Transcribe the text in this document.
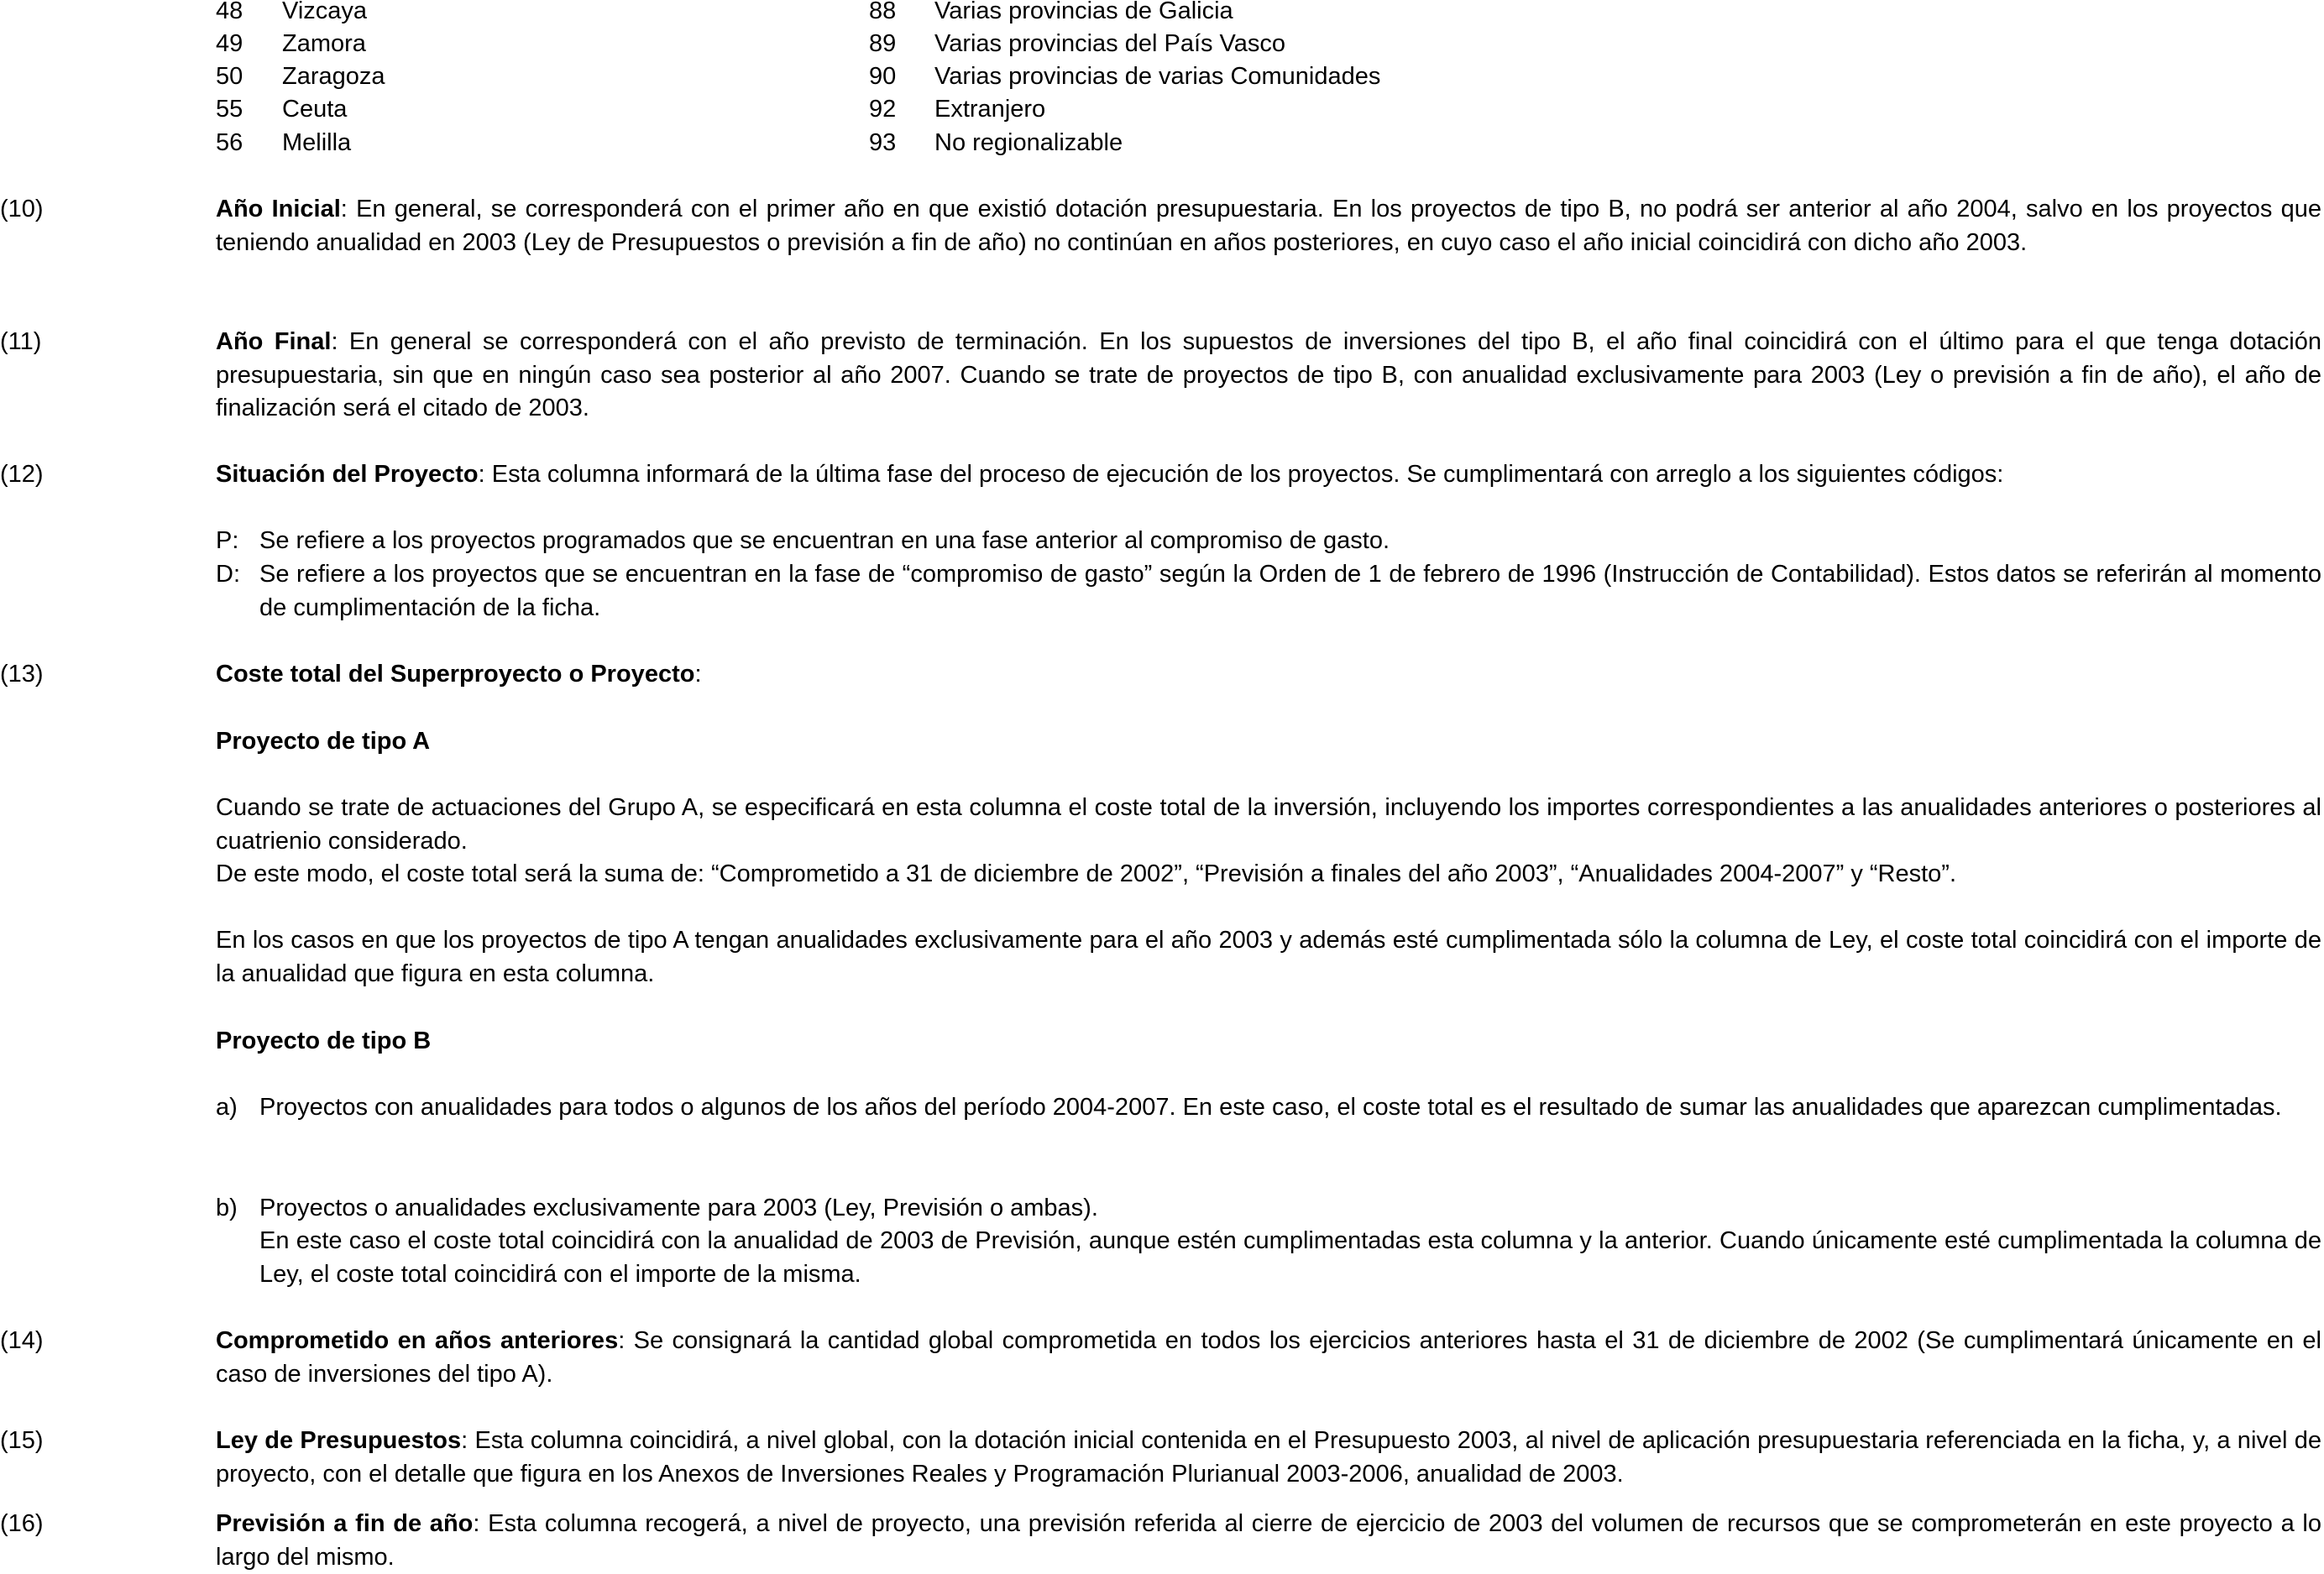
48 Vizcaya	88 Varias provincias de Galicia
49 Zamora	89 Varias provincias del País Vasco
50 Zaragoza	90 Varias provincias de varias Comunidades
55 Ceuta	92 Extranjero
56 Melilla	93 No regionalizable
(10)	Año Inicial: En general, se corresponderá con el primer año en que existió dotación presupuestaria. En los proyectos de tipo B, no podrá ser anterior al año 2004, salvo en los proyectos que teniendo anualidad en 2003 (Ley de Presupuestos o previsión a fin de año) no continúan en años posteriores, en cuyo caso el año inicial coincidirá con dicho año 2003.

(11)	Año Final: En general se corresponderá con el año previsto de terminación. En los supuestos de inversiones del tipo B, el año final coincidirá con el último para el que tenga dotación presupuestaria, sin que en ningún caso sea posterior al año 2007. Cuando se trate de proyectos de tipo B, con anualidad exclusivamente para 2003 (Ley o previsión a fin de año), el año de finalización será el citado de 2003.

(12)	Situación del Proyecto: Esta columna informará de la última fase del proceso de ejecución de los proyectos. Se cumplimentará con arreglo a los siguientes códigos:

P: Se refiere a los proyectos programados que se encuentran en una fase anterior al compromiso de gasto.

D: Se refiere a los proyectos que se encuentran en la fase de “compromiso de gasto” según la Orden de 1 de febrero de 1996 (Instrucción de Contabilidad). Estos datos se referirán al momento de cumplimentación de la ficha.

(13)	Coste total del Superproyecto o Proyecto:

Proyecto de tipo A

Cuando se trate de actuaciones del Grupo A, se especificará en esta columna el coste total de la inversión, incluyendo los importes correspondientes a las anualidades anteriores o posteriores al cuatrienio considerado.

De este modo, el coste total será la suma de: “Comprometido a 31 de diciembre de 2002”, “Previsión a finales del año 2003”, “Anualidades 2004-2007” y “Resto”.

En los casos en que los proyectos de tipo A tengan anualidades exclusivamente para el año 2003 y además esté cumplimentada sólo la columna de Ley, el coste total coincidirá con el importe de la anualidad que figura en esta columna.

Proyecto de tipo B
a) Proyectos con anualidades para todos o algunos de los años del período 2004-2007. En este caso, el coste total es el resultado de sumar las anualidades que aparezcan cumplimentadas.

b) Proyectos o anualidades exclusivamente para 2003 (Ley, Previsión o ambas).

En este caso el coste total coincidirá con la anualidad de 2003 de Previsión, aunque estén cumplimentadas esta columna y la anterior. Cuando únicamente esté cumplimentada la columna de Ley, el coste total coincidirá con el importe de la misma.

(14)	Comprometido en años anteriores: Se consignará la cantidad global comprometida en todos los ejercicios anteriores hasta el 31 de diciembre de 2002 (Se cumplimentará únicamente en el caso de inversiones del tipo A).

(15)	Ley de Presupuestos: Esta columna coincidirá, a nivel global, con la dotación inicial contenida en el Presupuesto 2003, al nivel de aplicación presupuestaria referenciada en la ficha, y, a nivel de proyecto, con el detalle que figura en los Anexos de Inversiones Reales y Programación Plurianual 2003-2006, anualidad de 2003.

(16)	Previsión a fin de año: Esta columna recogerá, a nivel de proyecto, una previsión referida al cierre de ejercicio de 2003 del volumen de recursos que se comprometerán en este proyecto a lo largo del mismo.
